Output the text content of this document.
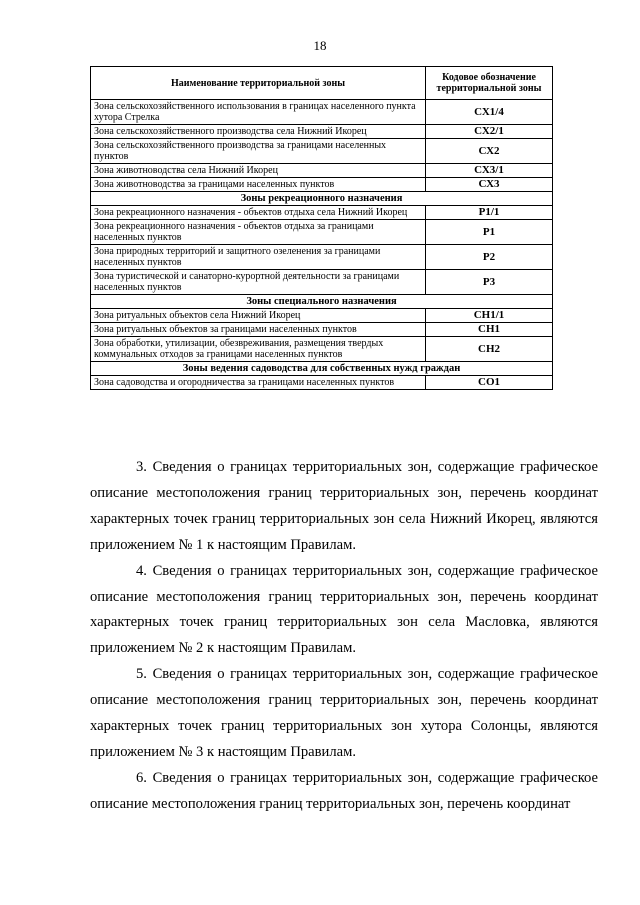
18
Наименование территориальной зоны	Кодовое обозначение территориальной зоны
Зона сельскохозяйственного использования в границах населенного пункта хутора Стрелка	СХ1/4
Зона сельскохозяйственного производства села Нижний Икорец	СХ2/1
Зона сельскохозяйственного производства за границами населенных пунктов	СХ2
Зона животноводства села Нижний Икорец	СХ3/1
Зона животноводства за границами населенных пунктов	СХ3
Зоны рекреационного назначения	
Зона рекреационного назначения - объектов отдыха села Нижний Икорец	Р1/1
Зона рекреационного назначения - объектов отдыха за границами населенных пунктов	Р1
Зона природных территорий и защитного озеленения за границами населенных пунктов	Р2
Зона туристической и санаторно-курортной деятельности за границами населенных пунктов	Р3
Зоны специального назначения	
Зона ритуальных объектов села Нижний Икорец	СН1/1
Зона ритуальных объектов за границами населенных пунктов	СН1
Зона обработки, утилизации, обезвреживания, размещения твердых коммунальных отходов за границами населенных пунктов	СН2
Зоны ведения садоводства для собственных нужд граждан	
Зона садоводства и огородничества за границами населенных пунктов	СО1

3. Сведения о границах территориальных зон, содержащие графическое описание местоположения границ территориальных зон, перечень координат характерных точек границ территориальных зон села Нижний Икорец, являются приложением № 1 к настоящим Правилам.

4. Сведения о границах территориальных зон, содержащие графическое описание местоположения границ территориальных зон, перечень координат характерных точек границ территориальных зон села Масловка, являются приложением № 2 к настоящим Правилам.

5. Сведения о границах территориальных зон, содержащие графическое описание местоположения границ территориальных зон, перечень координат характерных точек границ территориальных зон хутора Солонцы, являются приложением № 3 к настоящим Правилам.

6. Сведения о границах территориальных зон, содержащие графическое описание местоположения границ территориальных зон, перечень координат
